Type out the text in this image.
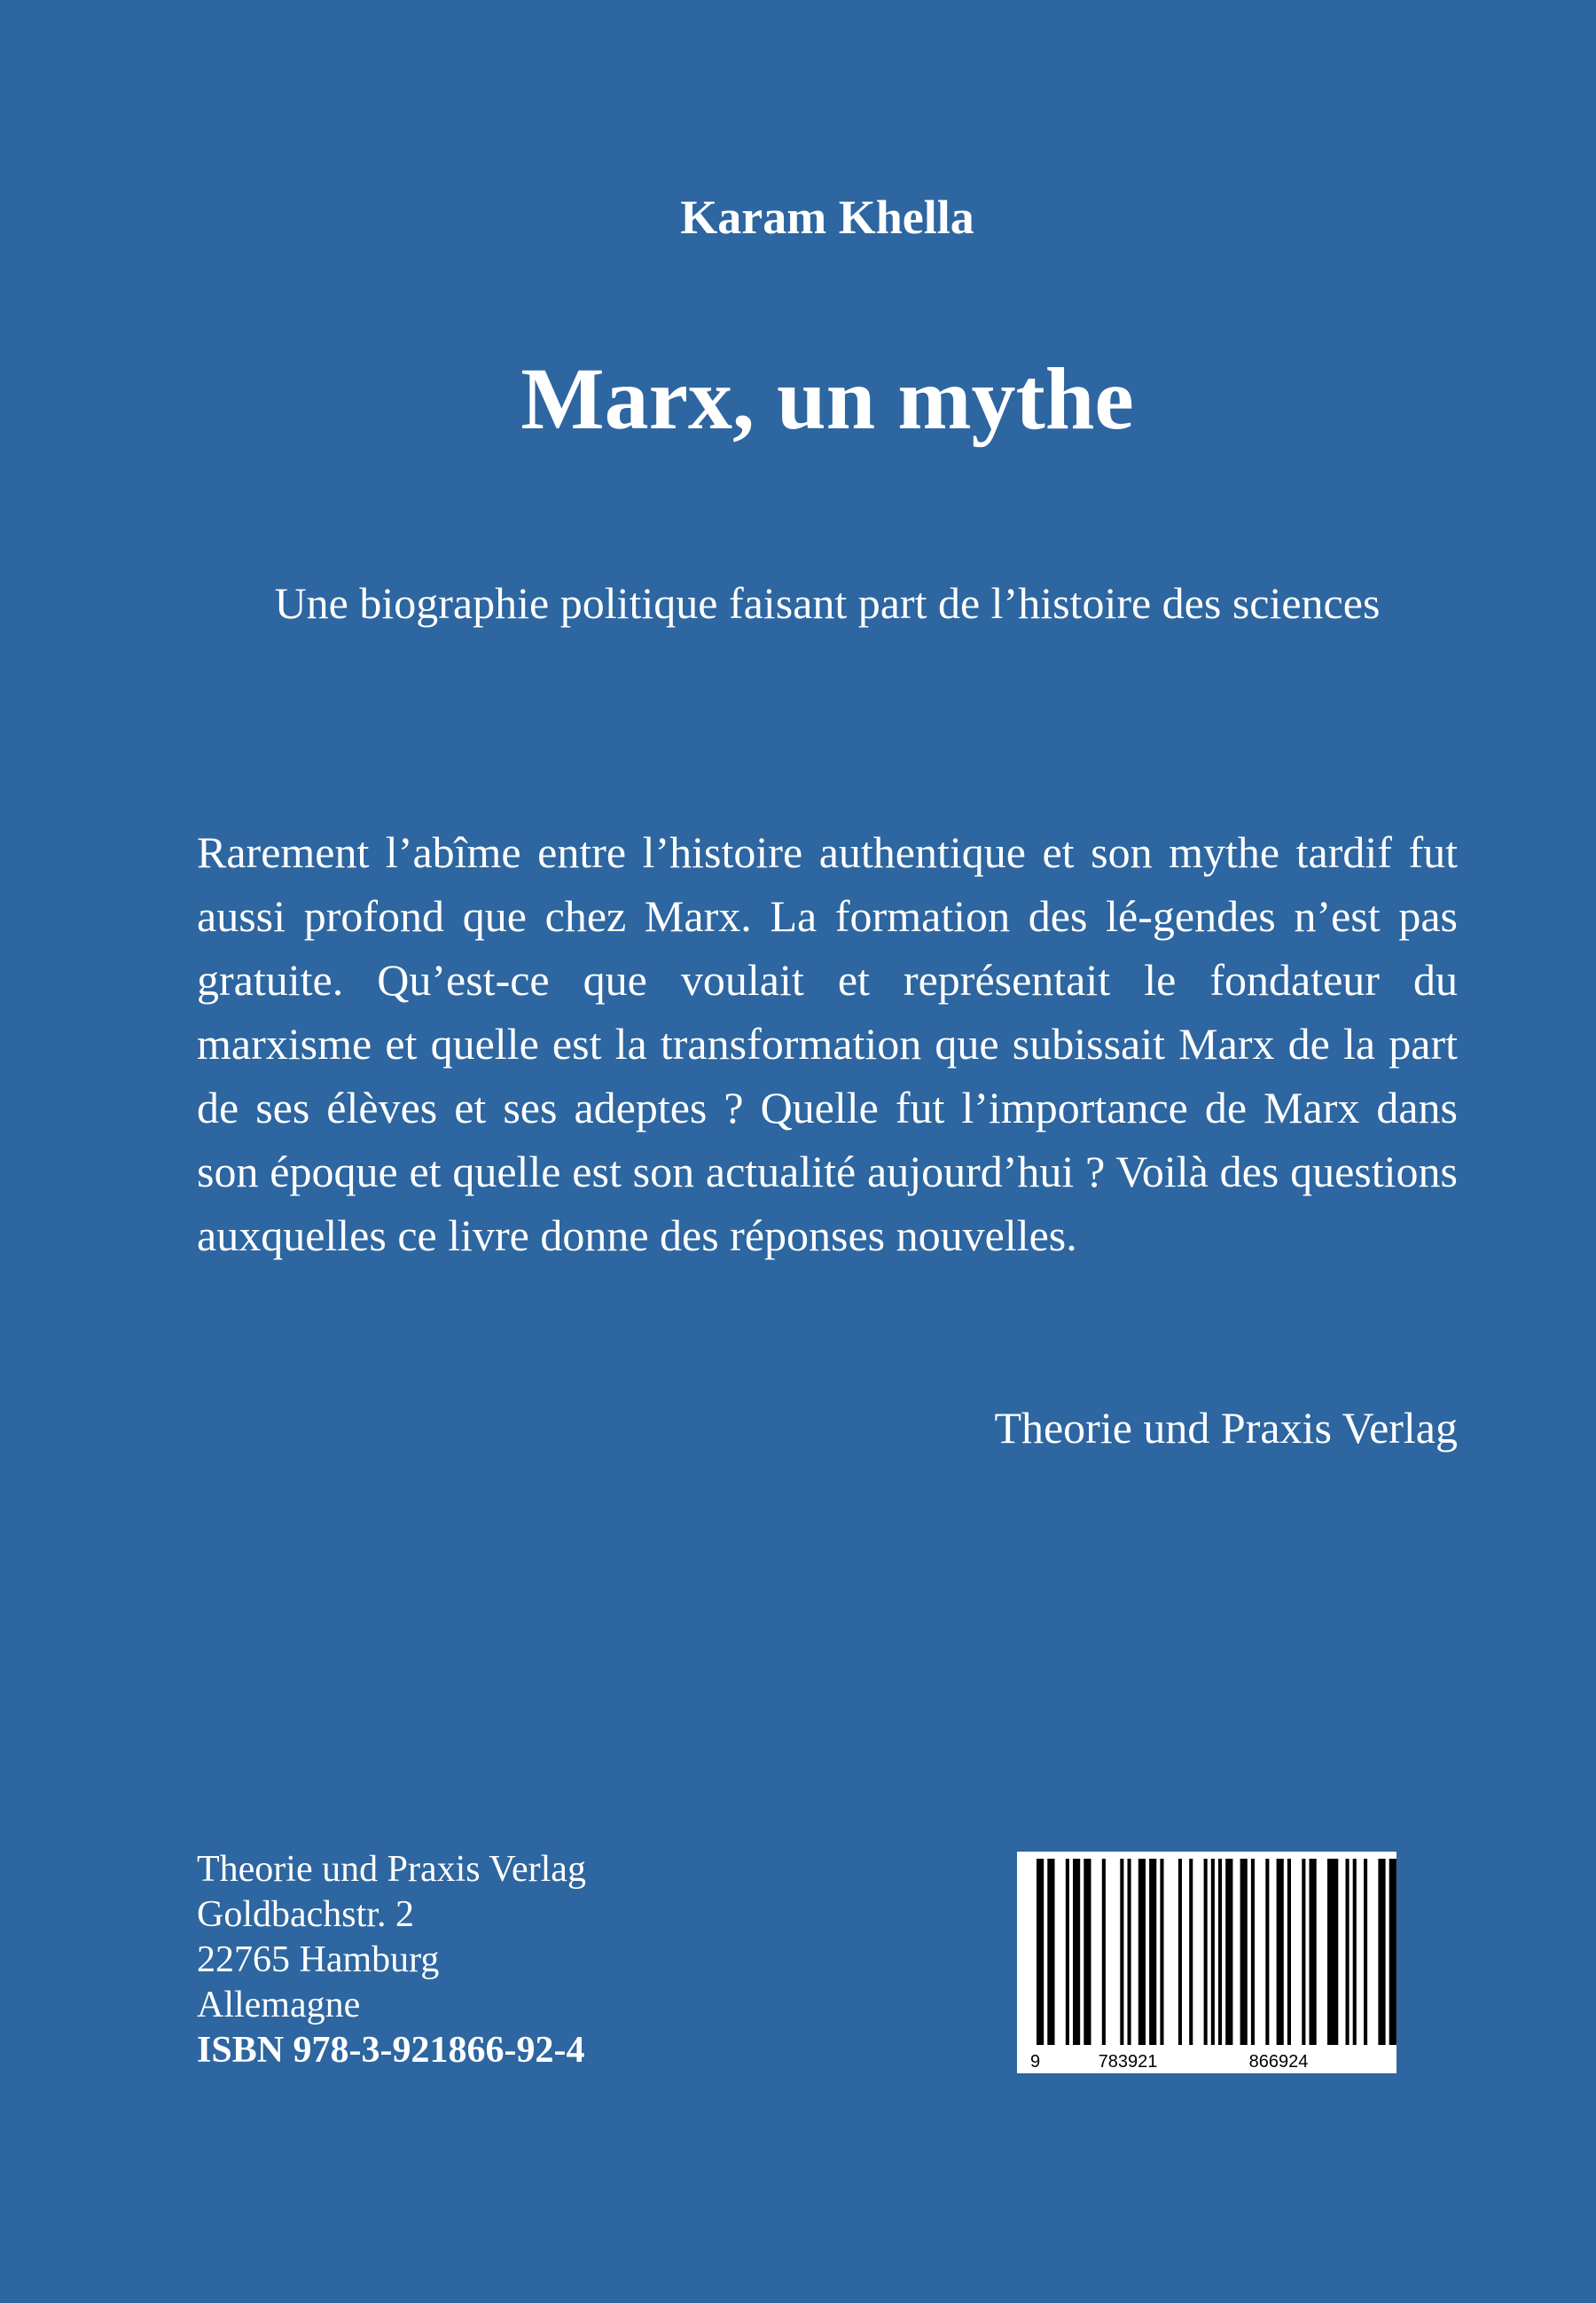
Karam Khella
Marx, un mythe
Une biographie politique faisant part de l’histoire des sciences

Rarement l’abîme entre l’histoire authentique et son mythe tardif fut aussi profond que chez Marx. La formation des lé-gendes n’est pas gratuite. Qu’est-ce que voulait et représentait le fondateur du marxisme et quelle est la transformation que subissait Marx de la part de ses élèves et ses adeptes ? Quelle fut l’importance de Marx dans son époque et quelle est son actualité aujourd’hui ? Voilà des questions auxquelles ce livre donne des réponses nouvelles.

Theorie und Praxis Verlag
Theorie und Praxis Verlag
Goldbachstr. 2
22765 Hamburg
Allemagne
ISBN 978-3-921866-92-4	9	783921	866924
